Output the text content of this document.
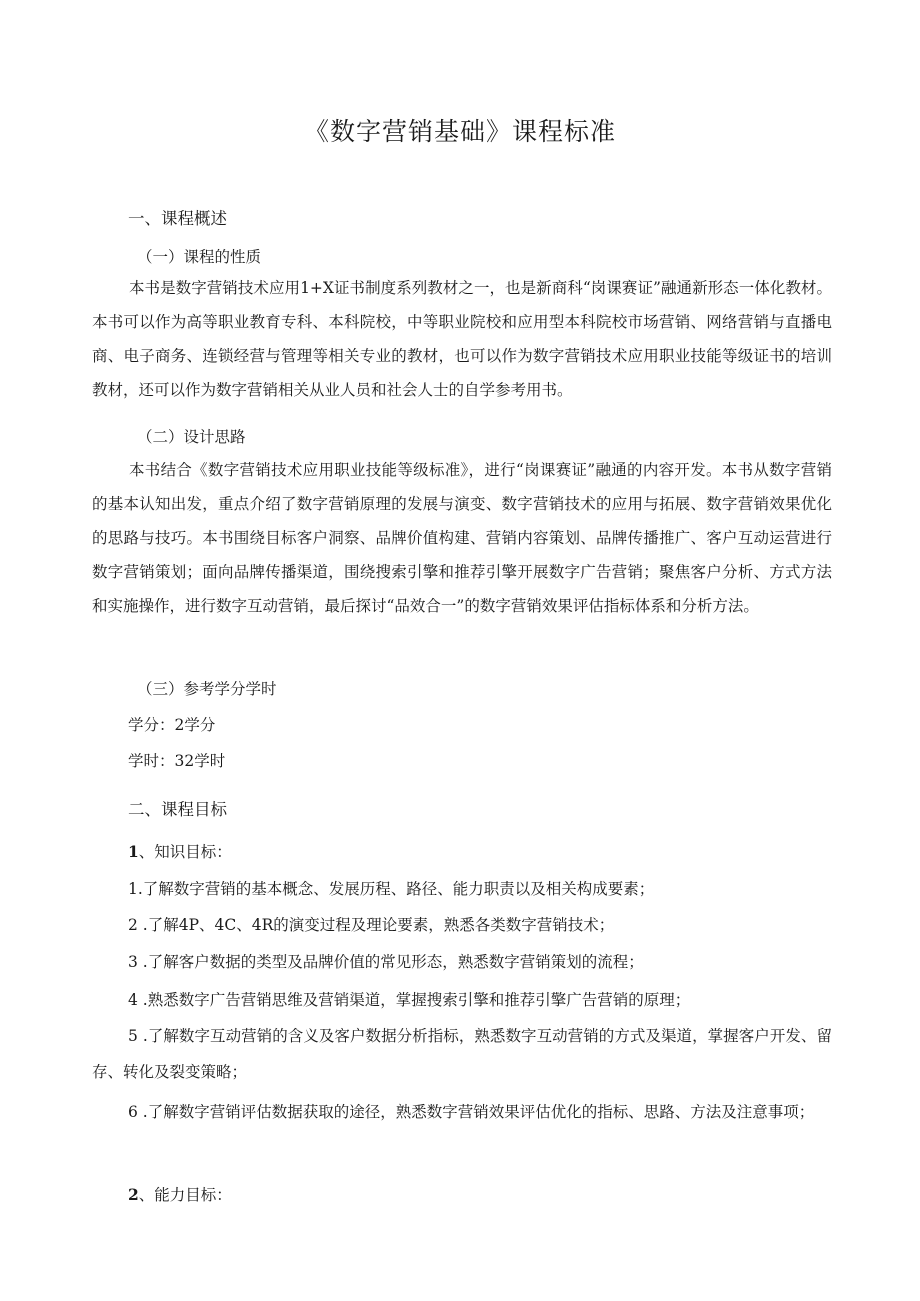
《数字营销基础》课程标准

一、课程概述

（一）课程的性质

本书是数字营销技术应用1+X证书制度系列教材之一，也是新商科“岗课赛证”融通新形态一体化教材。本书可以作为高等职业教育专科、本科院校，中等职业院校和应用型本科院校市场营销、网络营销与直播电商、电子商务、连锁经营与管理等相关专业的教材，也可以作为数字营销技术应用职业技能等级证书的培训教材，还可以作为数字营销相关从业人员和社会人士的自学参考用书。

（二）设计思路

本书结合《数字营销技术应用职业技能等级标准》，进行“岗课赛证”融通的内容开发。本书从数字营销的基本认知出发，重点介绍了数字营销原理的发展与演变、数字营销技术的应用与拓展、数字营销效果优化的思路与技巧。本书围绕目标客户洞察、品牌价值构建、营销内容策划、品牌传播推广、客户互动运营进行数字营销策划；面向品牌传播渠道，围绕搜索引擎和推荐引擎开展数字广告营销；聚焦客户分析、方式方法和实施操作，进行数字互动营销，最后探讨“品效合一”的数字营销效果评估指标体系和分析方法。

（三）参考学分学时

学分：2学分

学时：32学时

二、课程目标

1、知识目标：

1.了解数字营销的基本概念、发展历程、路径、能力职责以及相关构成要素；

2 .了解4P、4C、4R的演变过程及理论要素，熟悉各类数字营销技术；

3 .了解客户数据的类型及品牌价值的常见形态，熟悉数字营销策划的流程；

4 .熟悉数字广告营销思维及营销渠道，掌握搜索引擎和推荐引擎广告营销的原理；

5 .了解数字互动营销的含义及客户数据分析指标，熟悉数字互动营销的方式及渠道，掌握客户开发、留存、转化及裂变策略；

6 .了解数字营销评估数据获取的途径，熟悉数字营销效果评估优化的指标、思路、方法及注意事项；

2、能力目标：
